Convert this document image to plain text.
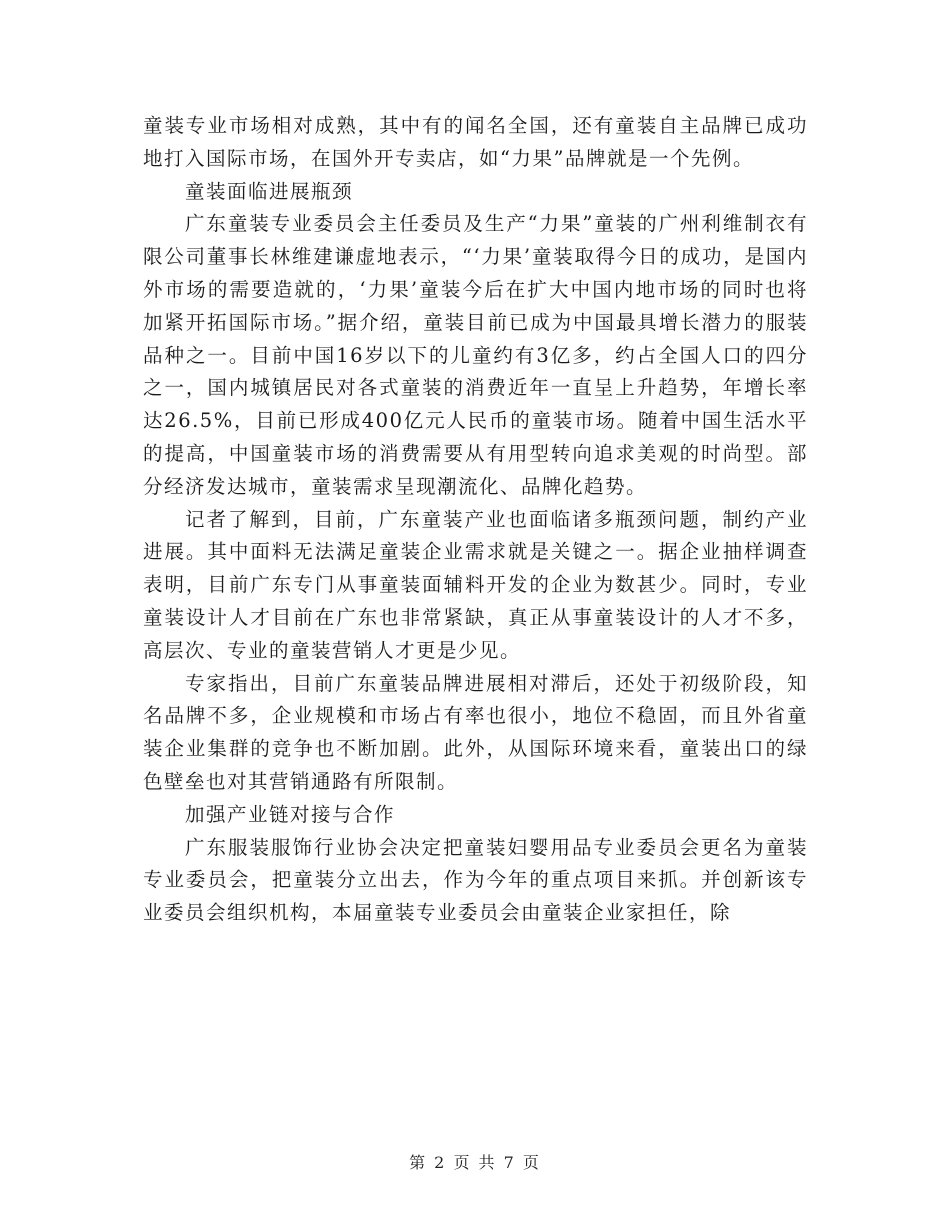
童装专业市场相对成熟，其中有的闻名全国，还有童装自主品牌已成功地打入国际市场，在国外开专卖店，如“力果”品牌就是一个先例。

童装面临进展瓶颈

广东童装专业委员会主任委员及生产“力果”童装的广州利维制衣有限公司董事长林维建谦虚地表示，“‘力果’童装取得今日的成功，是国内外市场的需要造就的，‘力果’童装今后在扩大中国内地市场的同时也将加紧开拓国际市场。”据介绍，童装目前已成为中国最具增长潜力的服装品种之一。目前中国16岁以下的儿童约有3亿多，约占全国人口的四分之一，国内城镇居民对各式童装的消费近年一直呈上升趋势，年增长率达26.5%，目前已形成400亿元人民币的童装市场。随着中国生活水平的提高，中国童装市场的消费需要从有用型转向追求美观的时尚型。部分经济发达城市，童装需求呈现潮流化、品牌化趋势。

记者了解到，目前，广东童装产业也面临诸多瓶颈问题，制约产业进展。其中面料无法满足童装企业需求就是关键之一。据企业抽样调查表明，目前广东专门从事童装面辅料开发的企业为数甚少。同时，专业童装设计人才目前在广东也非常紧缺，真正从事童装设计的人才不多，高层次、专业的童装营销人才更是少见。

专家指出，目前广东童装品牌进展相对滞后，还处于初级阶段，知名品牌不多，企业规模和市场占有率也很小，地位不稳固，而且外省童装企业集群的竞争也不断加剧。此外，从国际环境来看，童装出口的绿色壁垒也对其营销通路有所限制。

加强产业链对接与合作

广东服装服饰行业协会决定把童装妇婴用品专业委员会更名为童装专业委员会，把童装分立出去，作为今年的重点项目来抓。并创新该专业委员会组织机构，本届童装专业委员会由童装企业家担任，除

第 2 页 共 7 页
